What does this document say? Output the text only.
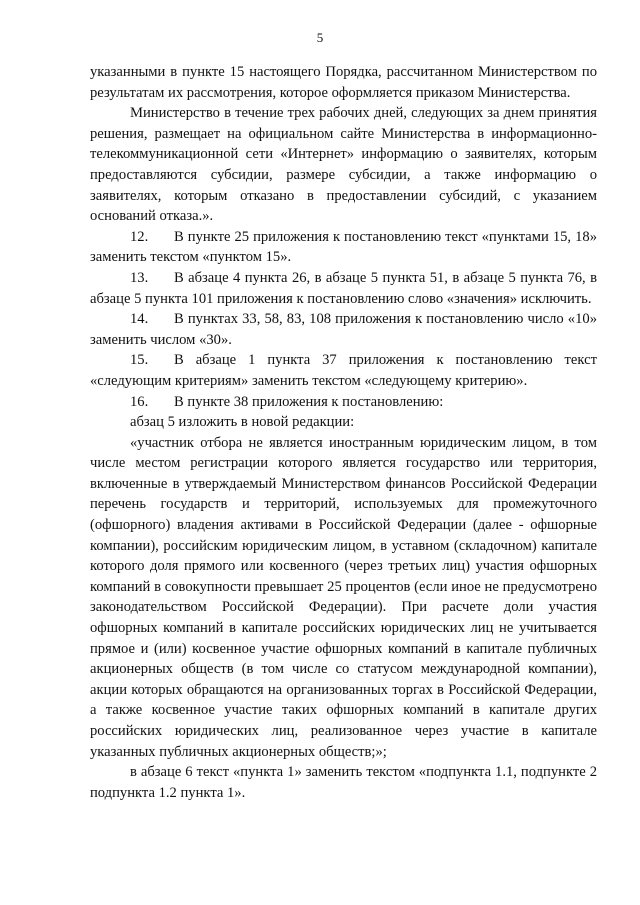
5

указанными в пункте 15 настоящего Порядка, рассчитанном Министерством по результатам их рассмотрения, которое оформляется приказом Министерства.

Министерство в течение трех рабочих дней, следующих за днем принятия решения, размещает на официальном сайте Министерства в информационно-телекоммуникационной сети «Интернет» информацию о заявителях, которым предоставляются субсидии, размере субсидии, а также информацию о заявителях, которым отказано в предоставлении субсидий, с указанием оснований отказа.».

12. В пункте 25 приложения к постановлению текст «пунктами 15, 18» заменить текстом «пунктом 15».

13. В абзаце 4 пункта 26, в абзаце 5 пункта 51, в абзаце 5 пункта 76, в абзаце 5 пункта 101 приложения к постановлению слово «значения» исключить.

14. В пунктах 33, 58, 83, 108 приложения к постановлению число «10» заменить числом «30».

15. В абзаце 1 пункта 37 приложения к постановлению текст «следующим критериям» заменить текстом «следующему критерию».

16. В пункте 38 приложения к постановлению:

абзац 5 изложить в новой редакции:

«участник отбора не является иностранным юридическим лицом, в том числе местом регистрации которого является государство или территория, включенные в утверждаемый Министерством финансов Российской Федерации перечень государств и территорий, используемых для промежуточного (офшорного) владения активами в Российской Федерации (далее - офшорные компании), российским юридическим лицом, в уставном (складочном) капитале которого доля прямого или косвенного (через третьих лиц) участия офшорных компаний в совокупности превышает 25 процентов (если иное не предусмотрено законодательством Российской Федерации). При расчете доли участия офшорных компаний в капитале российских юридических лиц не учитывается прямое и (или) косвенное участие офшорных компаний в капитале публичных акционерных обществ (в том числе со статусом международной компании), акции которых обращаются на организованных торгах в Российской Федерации, а также косвенное участие таких офшорных компаний в капитале других российских юридических лиц, реализованное через участие в капитале указанных публичных акционерных обществ;»;

в абзаце 6 текст «пункта 1» заменить текстом «подпункта 1.1, подпункте 2 подпункта 1.2 пункта 1».
